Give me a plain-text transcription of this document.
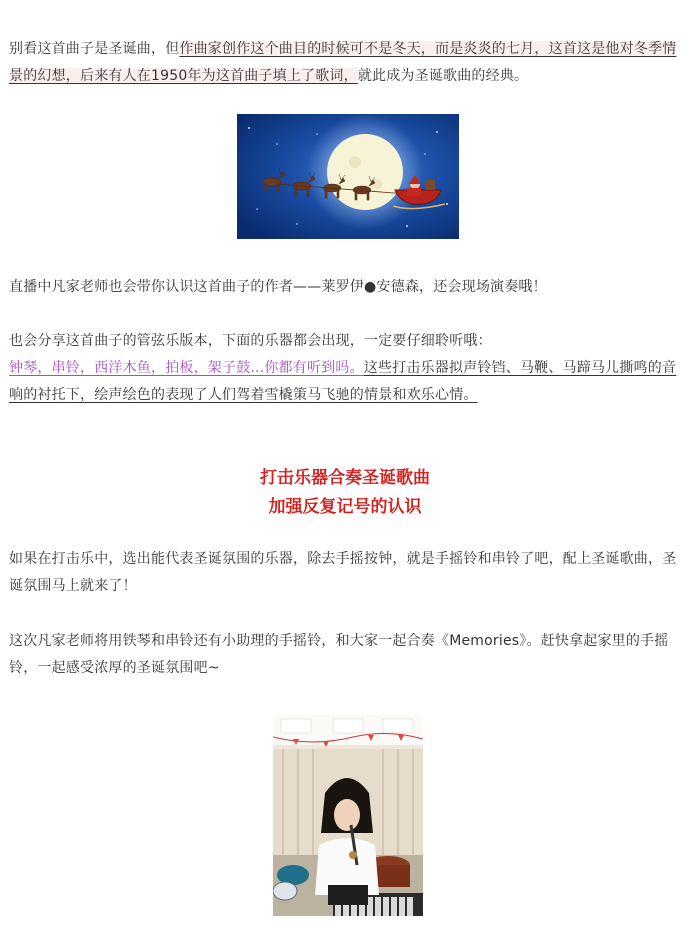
别看这首曲子是圣诞曲，但作曲家创作这个曲目的时候可不是冬天，而是炎炎的七月，这首这是他对冬季情景的幻想，后来有人在1950年为这首曲子填上了歌词，就此成为圣诞歌曲的经典。
直播中凡家老师也会带你认识这首曲子的作者——莱罗伊●安德森，还会现场演奏哦！
也会分享这首曲子的管弦乐版本，下面的乐器都会出现，一定要仔细聆听哦：
钟琴，串铃，西洋木鱼，拍板，架子鼓...你都有听到吗。这些打击乐器拟声铃铛、马鞭、马蹄马儿撕鸣的音响的衬托下，绘声绘色的表现了人们驾着雪橇策马飞驰的情景和欢乐心情。
打击乐器合奏圣诞歌曲
加强反复记号的认识
如果在打击乐中，选出能代表圣诞氛围的乐器，除去手摇按钟，就是手摇铃和串铃了吧，配上圣诞歌曲，圣诞氛围马上就来了！
这次凡家老师将用铁琴和串铃还有小助理的手摇铃，和大家一起合奏《Memories》。赶快拿起家里的手摇铃，一起感受浓厚的圣诞氛围吧~
